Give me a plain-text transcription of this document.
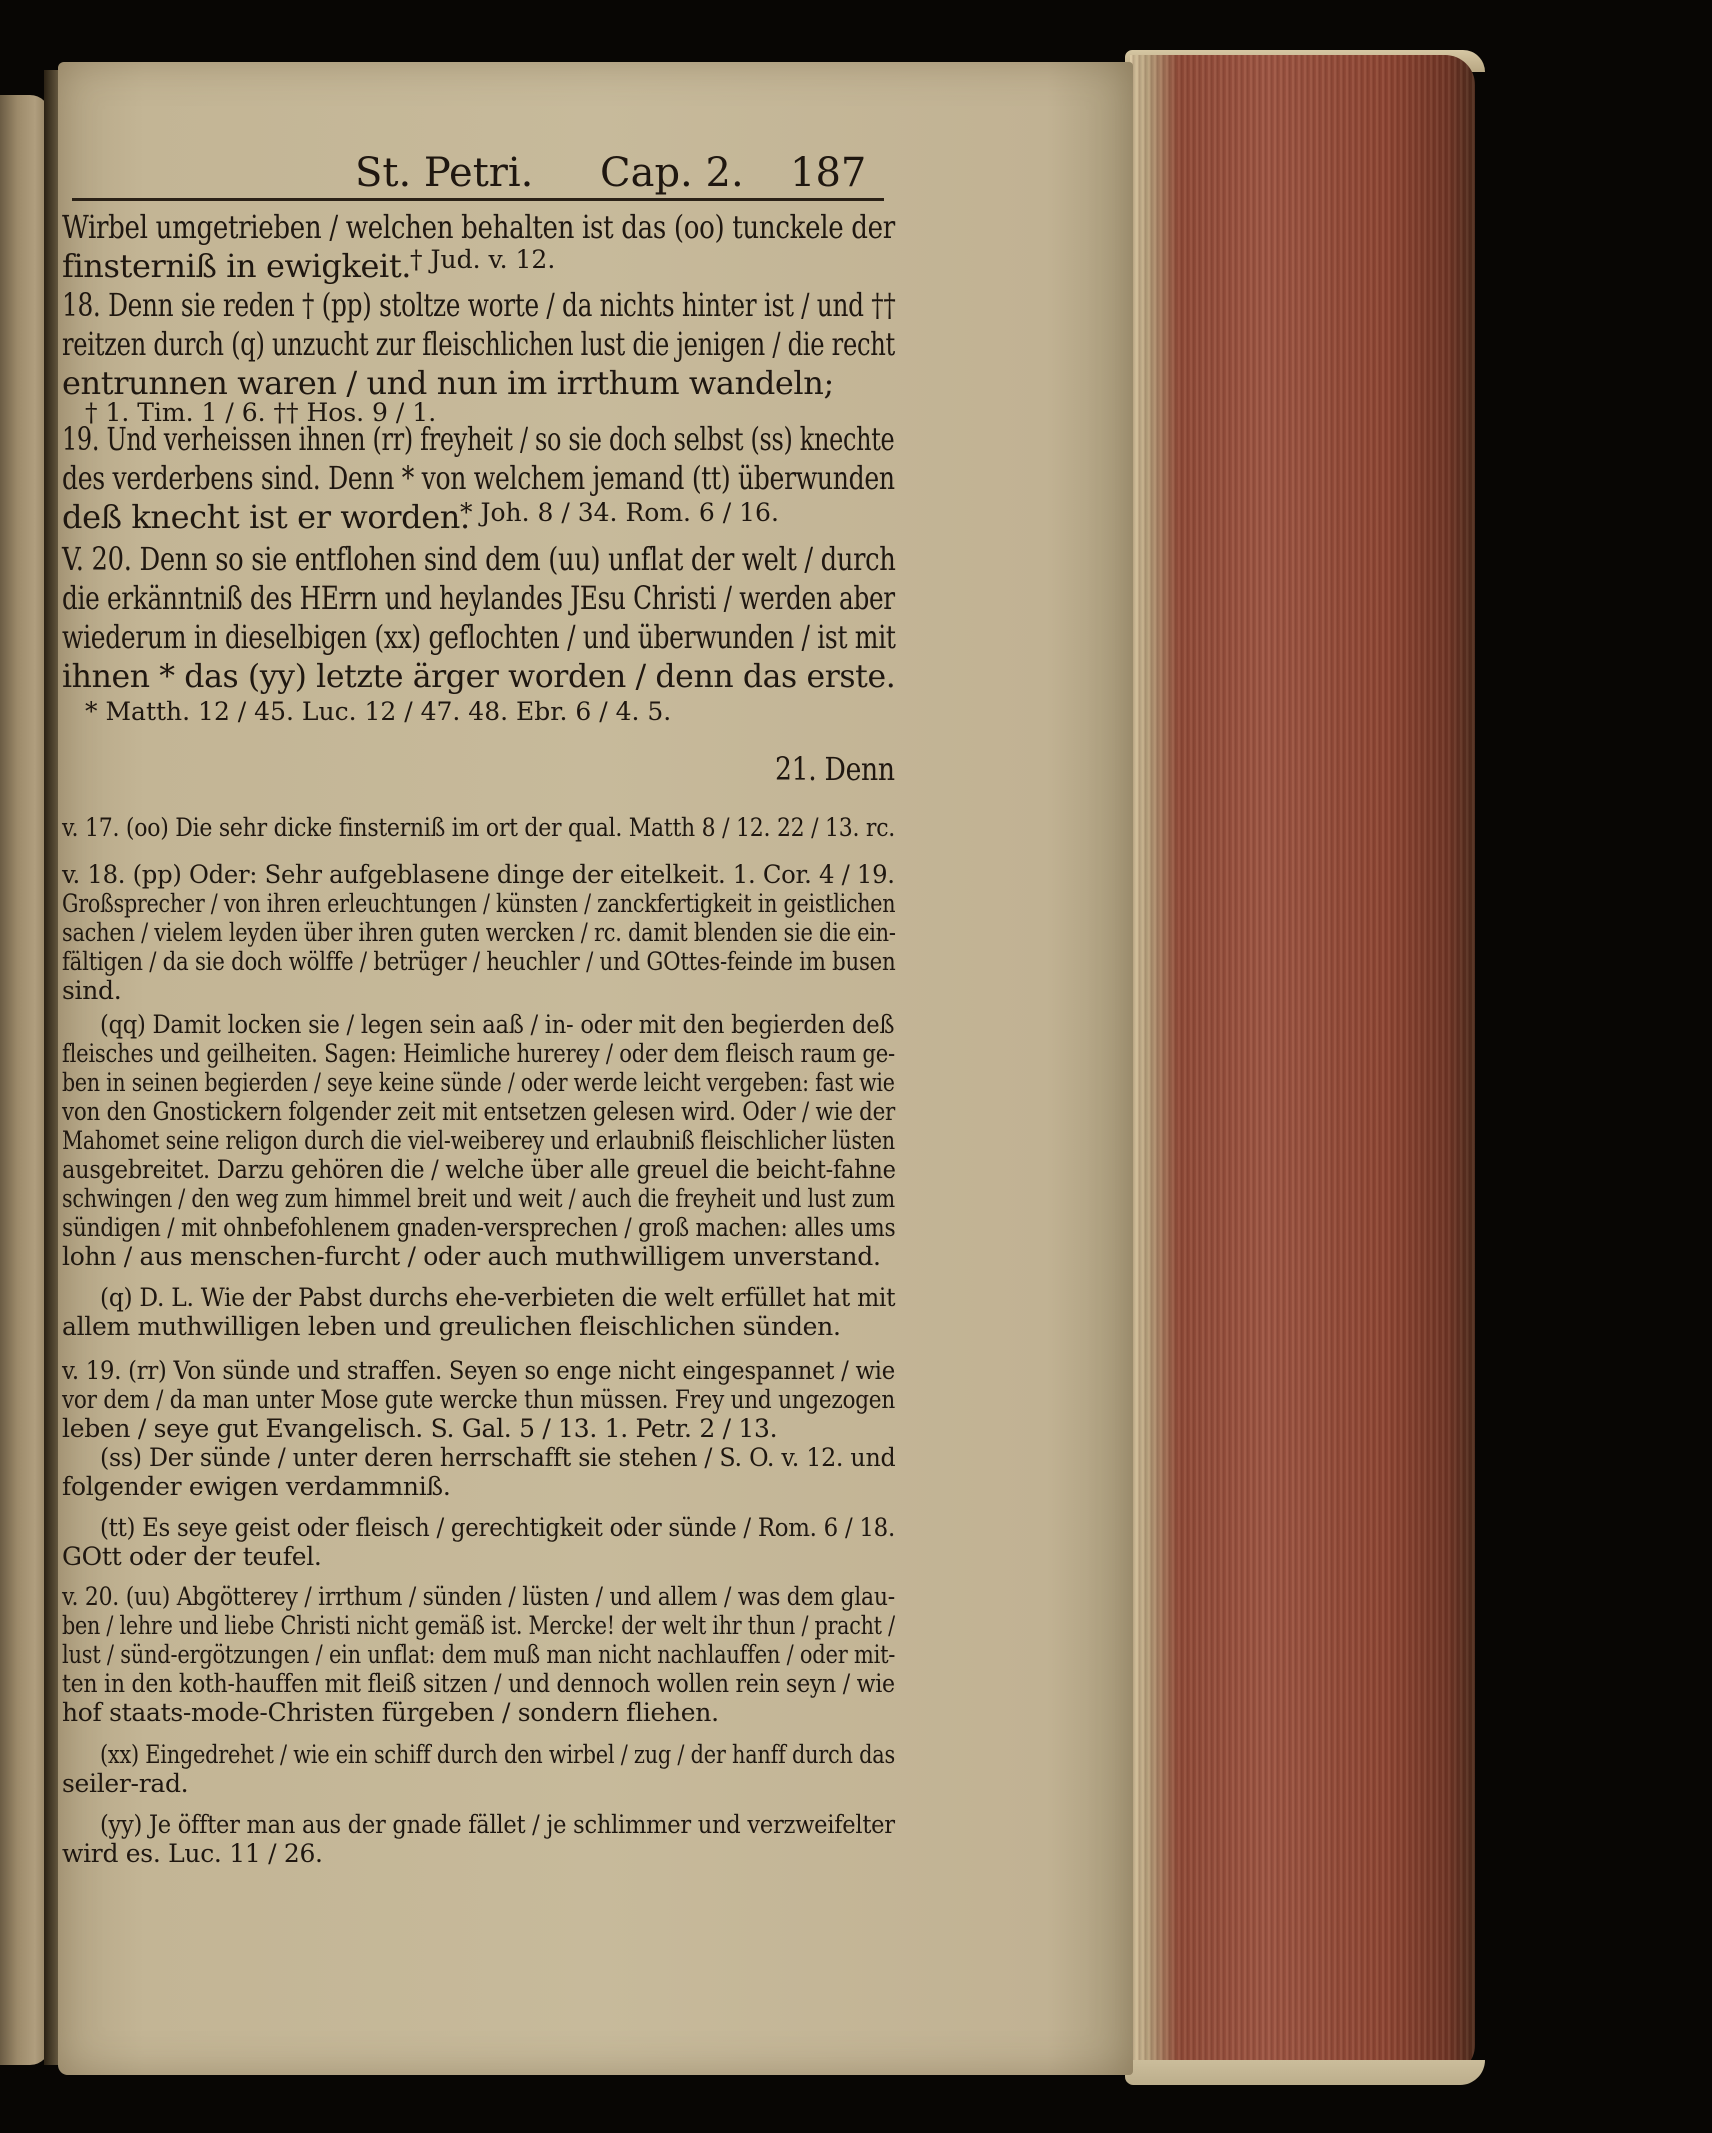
St. Petri. Cap. 2. 187
Wirbel umgetrieben / welchen behalten ist das (oo) tunckele der
finsterniß in ewigkeit.
† Jud. v. 12.
18. Denn sie reden † (pp) stoltze worte / da nichts hinter ist / und ††
reitzen durch (q) unzucht zur fleischlichen lust die jenigen / die recht
entrunnen waren / und nun im irrthum wandeln;
† 1. Tim. 1 / 6. †† Hos. 9 / 1.
19. Und verheissen ihnen (rr) freyheit / so sie doch selbst (ss) knechte
des verderbens sind. Denn * von welchem jemand (tt) überwunden
deß knecht ist er worden.
* Joh. 8 / 34. Rom. 6 / 16.
V. 20. Denn so sie entflohen sind dem (uu) unflat der welt / durch
die erkänntniß des HErrn und heylandes JEsu Christi / werden aber
wiederum in dieselbigen (xx) geflochten / und überwunden / ist mit
ihnen * das (yy) letzte ärger worden / denn das erste.
* Matth. 12 / 45. Luc. 12 / 47. 48. Ebr. 6 / 4. 5.
21. Denn
v. 17. (oo) Die sehr dicke finsterniß im ort der qual. Matth 8 / 12. 22 / 13. rc.
v. 18. (pp) Oder: Sehr aufgeblasene dinge der eitelkeit. 1. Cor. 4 / 19.
Großsprecher / von ihren erleuchtungen / künsten / zanckfertigkeit in geistlichen
sachen / vielem leyden über ihren guten wercken / rc. damit blenden sie die ein-
fältigen / da sie doch wölffe / betrüger / heuchler / und GOttes-feinde im busen
sind.
(qq) Damit locken sie / legen sein aaß / in- oder mit den begierden deß
fleisches und geilheiten. Sagen: Heimliche hurerey / oder dem fleisch raum ge-
ben in seinen begierden / seye keine sünde / oder werde leicht vergeben: fast wie
von den Gnostickern folgender zeit mit entsetzen gelesen wird. Oder / wie der
Mahomet seine religon durch die viel-weiberey und erlaubniß fleischlicher lüsten
ausgebreitet. Darzu gehören die / welche über alle greuel die beicht-fahne
schwingen / den weg zum himmel breit und weit / auch die freyheit und lust zum
sündigen / mit ohnbefohlenem gnaden-versprechen / groß machen: alles ums
lohn / aus menschen-furcht / oder auch muthwilligem unverstand.
(q) D. L. Wie der Pabst durchs ehe-verbieten die welt erfüllet hat mit
allem muthwilligen leben und greulichen fleischlichen sünden.
v. 19. (rr) Von sünde und straffen. Seyen so enge nicht eingespannet / wie
vor dem / da man unter Mose gute wercke thun müssen. Frey und ungezogen
leben / seye gut Evangelisch. S. Gal. 5 / 13. 1. Petr. 2 / 13.
(ss) Der sünde / unter deren herrschafft sie stehen / S. O. v. 12. und
folgender ewigen verdammniß.
(tt) Es seye geist oder fleisch / gerechtigkeit oder sünde / Rom. 6 / 18.
GOtt oder der teufel.
v. 20. (uu) Abgötterey / irrthum / sünden / lüsten / und allem / was dem glau-
ben / lehre und liebe Christi nicht gemäß ist. Mercke! der welt ihr thun / pracht /
lust / sünd-ergötzungen / ein unflat: dem muß man nicht nachlauffen / oder mit-
ten in den koth-hauffen mit fleiß sitzen / und dennoch wollen rein seyn / wie
hof staats-mode-Christen fürgeben / sondern fliehen.
(xx) Eingedrehet / wie ein schiff durch den wirbel / zug / der hanff durch das
seiler-rad.
(yy) Je öffter man aus der gnade fället / je schlimmer und verzweifelter
wird es. Luc. 11 / 26.
